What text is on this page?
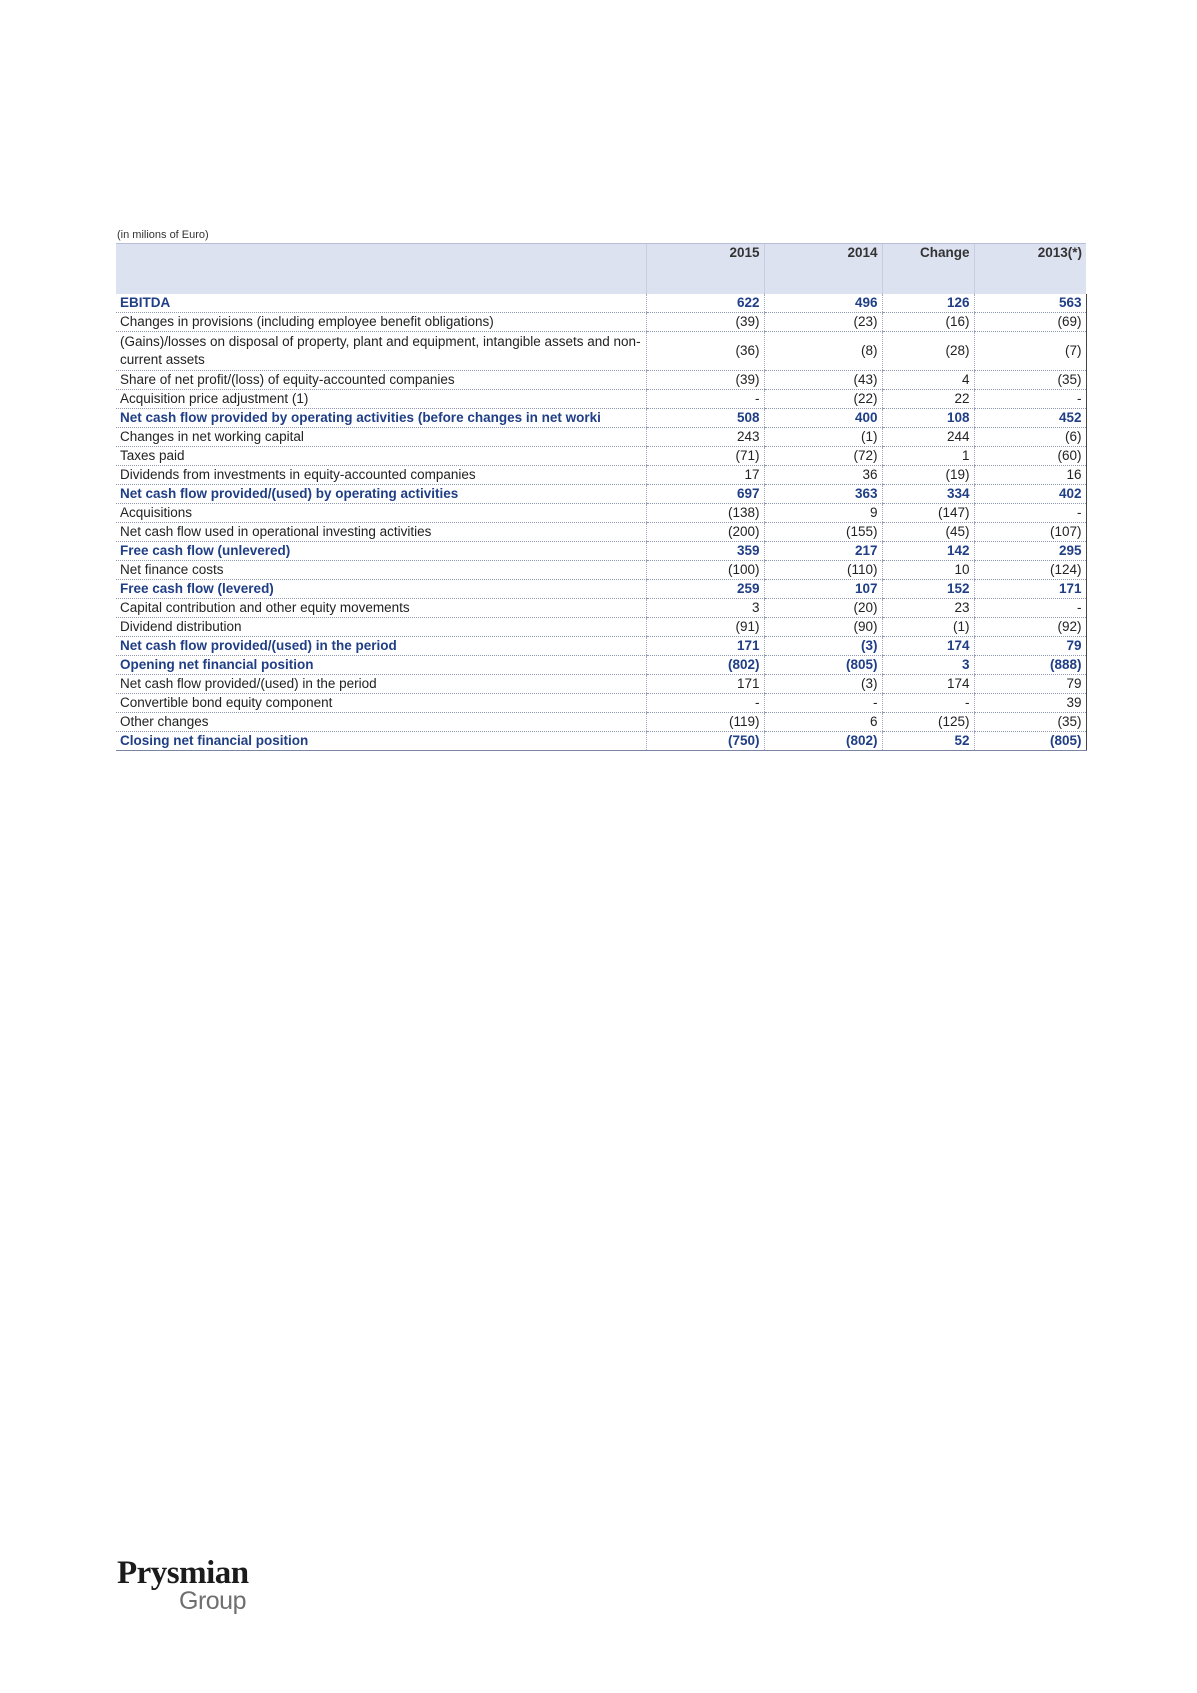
(in milions of Euro)
	2015	2014	Change	2013(*)
EBITDA	622	496	126	563
Changes in provisions (including employee benefit obligations)	(39)	(23)	(16)	(69)
(Gains)/losses on disposal of property, plant and equipment, intangible assets and non-current assets	(36)	(8)	(28)	(7)
Share of net profit/(loss) of equity-accounted companies	(39)	(43)	4	(35)
Acquisition price adjustment (1)	-	(22)	22	-
Net cash flow provided by operating activities (before changes in net worki	508	400	108	452
Changes in net working capital	243	(1)	244	(6)
Taxes paid	(71)	(72)	1	(60)
Dividends from investments in equity-accounted companies	17	36	(19)	16
Net cash flow provided/(used) by operating activities	697	363	334	402
Acquisitions	(138)	9	(147)	-
Net cash flow used in operational investing activities	(200)	(155)	(45)	(107)
Free cash flow (unlevered)	359	217	142	295
Net finance costs	(100)	(110)	10	(124)
Free cash flow (levered)	259	107	152	171
Capital contribution and other equity movements	3	(20)	23	-
Dividend distribution	(91)	(90)	(1)	(92)
Net cash flow provided/(used) in the period	171	(3)	174	79
Opening net financial position	(802)	(805)	3	(888)
Net cash flow provided/(used) in the period	171	(3)	174	79
Convertible bond equity component	-	-	-	39
Other changes	(119)	6	(125)	(35)
Closing net financial position	(750)	(802)	52	(805)
Prysmian
Group
